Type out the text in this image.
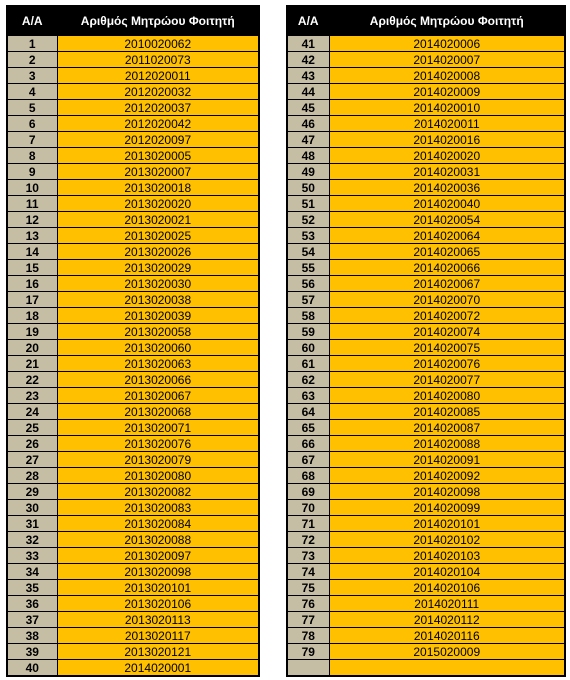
Α/Α	Αριθμός Μητρώου Φοιτητή
1	2010020062
2	2011020073
3	2012020011
4	2012020032
5	2012020037
6	2012020042
7	2012020097
8	2013020005
9	2013020007
10	2013020018
11	2013020020
12	2013020021
13	2013020025
14	2013020026
15	2013020029
16	2013020030
17	2013020038
18	2013020039
19	2013020058
20	2013020060
21	2013020063
22	2013020066
23	2013020067
24	2013020068
25	2013020071
26	2013020076
27	2013020079
28	2013020080
29	2013020082
30	2013020083
31	2013020084
32	2013020088
33	2013020097
34	2013020098
35	2013020101
36	2013020106
37	2013020113
38	2013020117
39	2013020121
40	2014020001
Α/Α	Αριθμός Μητρώου Φοιτητή
41	2014020006
42	2014020007
43	2014020008
44	2014020009
45	2014020010
46	2014020011
47	2014020016
48	2014020020
49	2014020031
50	2014020036
51	2014020040
52	2014020054
53	2014020064
54	2014020065
55	2014020066
56	2014020067
57	2014020070
58	2014020072
59	2014020074
60	2014020075
61	2014020076
62	2014020077
63	2014020080
64	2014020085
65	2014020087
66	2014020088
67	2014020091
68	2014020092
69	2014020098
70	2014020099
71	2014020101
72	2014020102
73	2014020103
74	2014020104
75	2014020106
76	2014020111
77	2014020112
78	2014020116
79	2015020009
